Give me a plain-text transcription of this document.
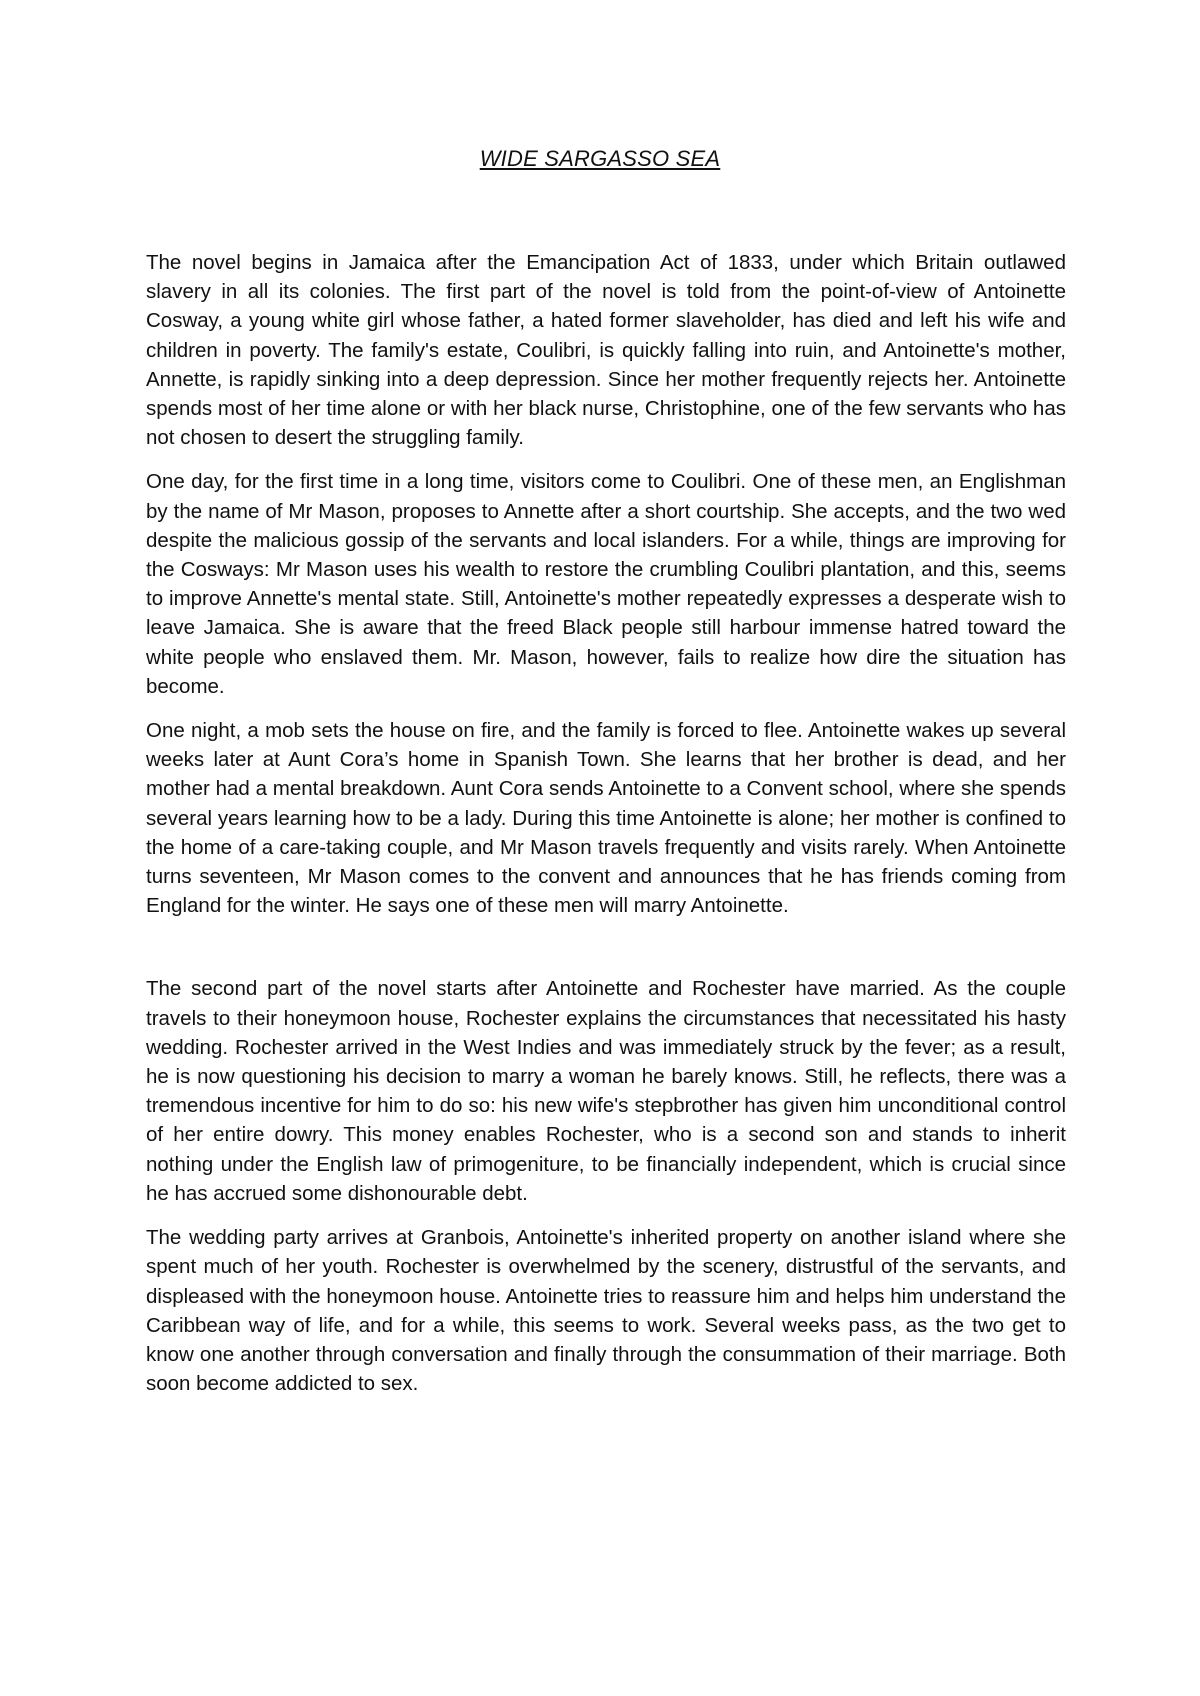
WIDE SARGASSO SEA

The novel begins in Jamaica after the Emancipation Act of 1833, under which Britain outlawed slavery in all its colonies. The first part of the novel is told from the point-of-view of Antoinette Cosway, a young white girl whose father, a hated former slaveholder, has died and left his wife and children in poverty. The family's estate, Coulibri, is quickly falling into ruin, and Antoinette's mother, Annette, is rapidly sinking into a deep depression. Since her mother frequently rejects her. Antoinette spends most of her time alone or with her black nurse, Christophine, one of the few servants who has not chosen to desert the struggling family.

One day, for the first time in a long time, visitors come to Coulibri. One of these men, an Englishman by the name of Mr Mason, proposes to Annette after a short courtship. She accepts, and the two wed despite the malicious gossip of the servants and local islanders. For a while, things are improving for the Cosways: Mr Mason uses his wealth to restore the crumbling Coulibri plantation, and this, seems to improve Annette's mental state. Still, Antoinette's mother repeatedly expresses a desperate wish to leave Jamaica. She is aware that the freed Black people still harbour immense hatred toward the white people who enslaved them. Mr. Mason, however, fails to realize how dire the situation has become.

One night, a mob sets the house on fire, and the family is forced to flee. Antoinette wakes up several weeks later at Aunt Cora’s home in Spanish Town. She learns that her brother is dead, and her mother had a mental breakdown. Aunt Cora sends Antoinette to a Convent school, where she spends several years learning how to be a lady. During this time Antoinette is alone; her mother is confined to the home of a care-taking couple, and Mr Mason travels frequently and visits rarely. When Antoinette turns seventeen, Mr Mason comes to the convent and announces that he has friends coming from England for the winter. He says one of these men will marry Antoinette.

The second part of the novel starts after Antoinette and Rochester have married. As the couple travels to their honeymoon house, Rochester explains the circumstances that necessitated his hasty wedding. Rochester arrived in the West Indies and was immediately struck by the fever; as a result, he is now questioning his decision to marry a woman he barely knows. Still, he reflects, there was a tremendous incentive for him to do so: his new wife's stepbrother has given him unconditional control of her entire dowry. This money enables Rochester, who is a second son and stands to inherit nothing under the English law of primogeniture, to be financially independent, which is crucial since he has accrued some dishonourable debt.

The wedding party arrives at Granbois, Antoinette's inherited property on another island where she spent much of her youth. Rochester is overwhelmed by the scenery, distrustful of the servants, and displeased with the honeymoon house. Antoinette tries to reassure him and helps him understand the Caribbean way of life, and for a while, this seems to work. Several weeks pass, as the two get to know one another through conversation and finally through the consummation of their marriage. Both soon become addicted to sex.
